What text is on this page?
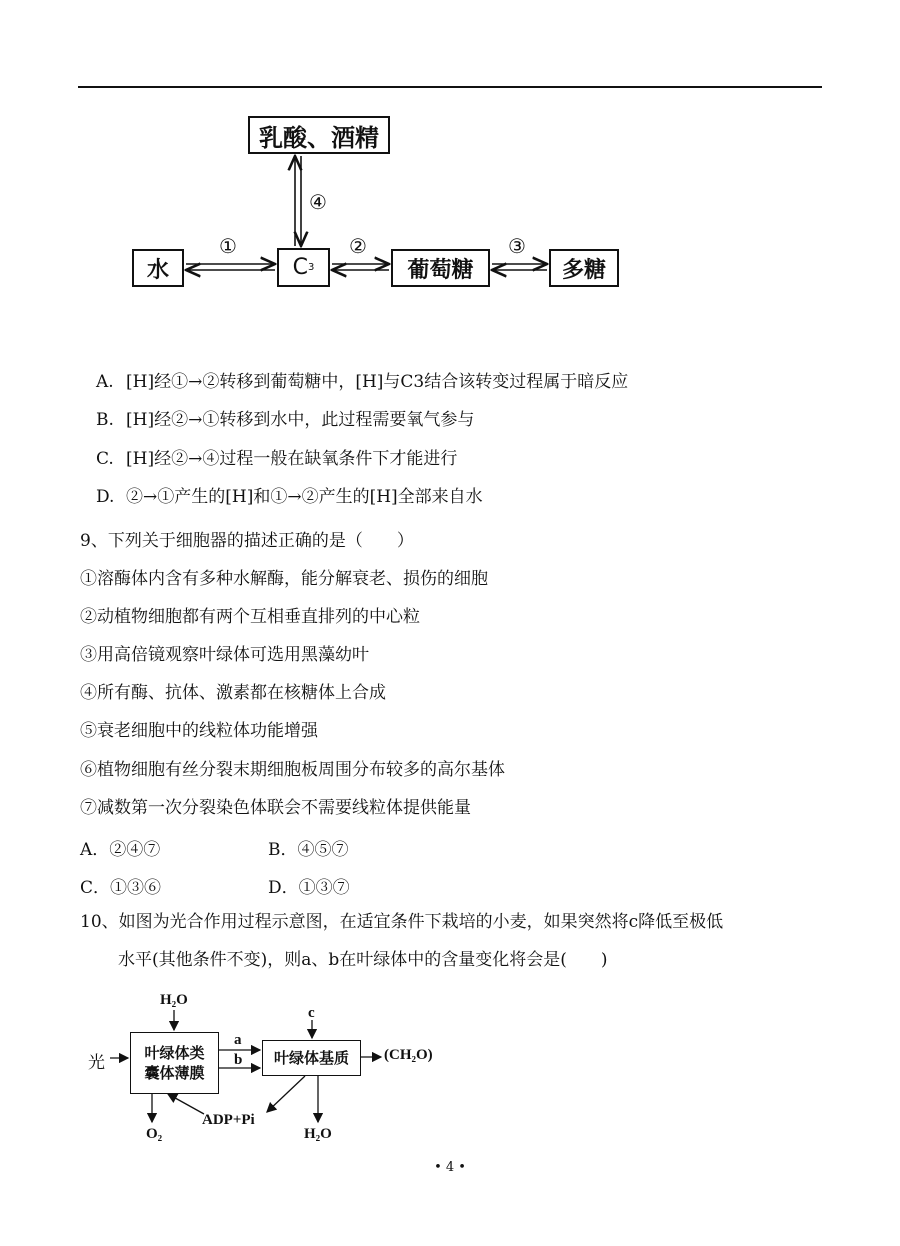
乳酸、酒精
水	C 3	葡萄糖	多糖
①	②	③
④
A. [H]经①→②转移到葡萄糖中，[H]与C3结合该转变过程属于暗反应
B. [H]经②→①转移到水中，此过程需要氧气参与
C. [H]经②→④过程一般在缺氧条件下才能进行
D. ②→①产生的[H]和①→②产生的[H]全部来自水
9、下列关于细胞器的描述正确的是（　　）
①溶酶体内含有多种水解酶，能分解衰老、损伤的细胞
②动植物细胞都有两个互相垂直排列的中心粒
③用高倍镜观察叶绿体可选用黑藻幼叶
④所有酶、抗体、激素都在核糖体上合成
⑤衰老细胞中的线粒体功能增强
⑥植物细胞有丝分裂末期细胞板周围分布较多的高尔基体
⑦减数第一次分裂染色体联会不需要线粒体提供能量
A．②④⑦	B．④⑤⑦
C．①③⑥	D．①③⑦
10、如图为光合作用过程示意图，在适宜条件下栽培的小麦，如果突然将c降低至极低
水平(其他条件不变)，则a、b在叶绿体中的含量变化将会是(　　)
H₂O
光	叶绿体类
囊体薄膜
a
b 叶绿体基质
c
(CH₂O)
O₂
ADP+Pi
H₂O
• 4 •
